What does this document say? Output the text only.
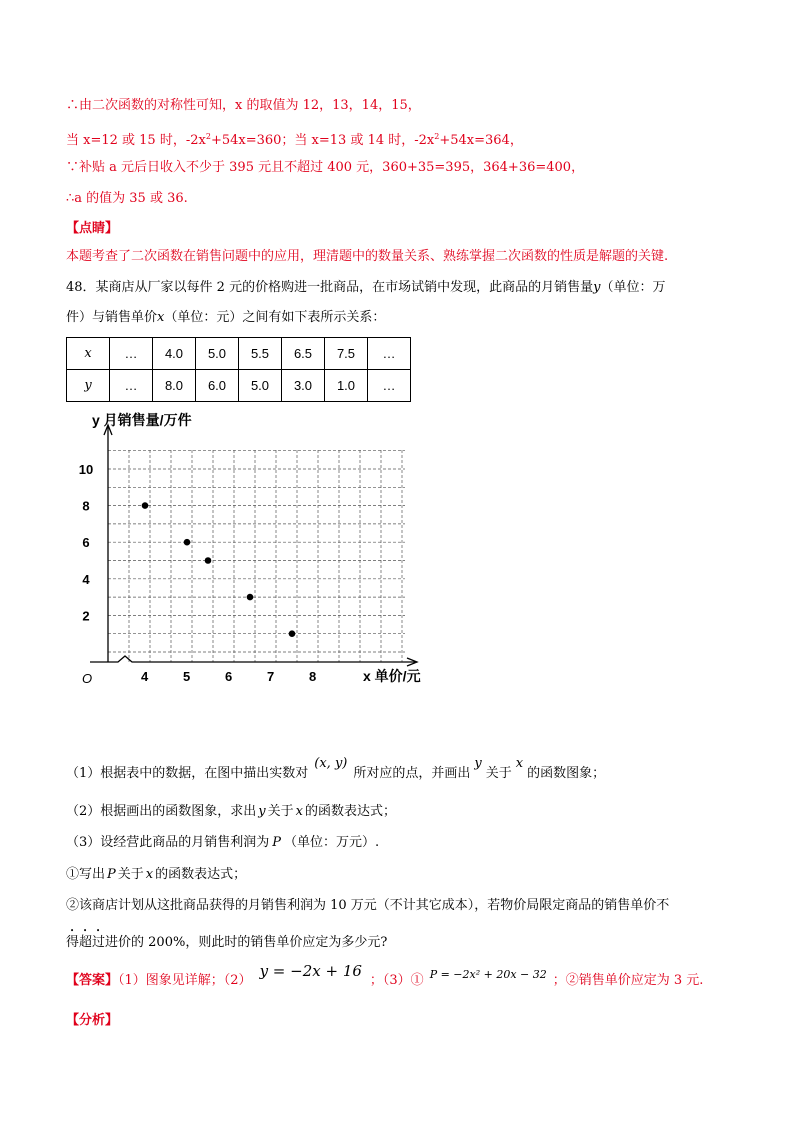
∴由二次函数的对称性可知，x 的取值为 12，13，14，15，
当 x=12 或 15 时，$-2x^2+54x=360$；当 x=13 或 14 时，$-2x^2+54x=364$，
∵补贴 a 元后日收入不少于 395 元且不超过 400 元，360+35=395，364+36=400，
∴a 的值为 35 或 36.
【点睛】
本题考查了二次函数在销售问题中的应用，理清题中的数量关系、熟练掌握二次函数的性质是解题的关键.
48．某商店从厂家以每件 2 元的价格购进一批商品，在市场试销中发现，此商品的月销售量y（单位：万
件）与销售单价x（单位：元）之间有如下表所示关系：
x	…	4.0	5.0	5.5	6.5	7.5	…
y	…	8.0	6.0	5.0	3.0	1.0	…
y 月销售量/万件
x 单价/元
O	4	5	6	7	8
2
4
6
8
10
（1）根据表中的数据，在图中描出实数对(x, y)所对应的点，并画出y关于x的函数图象；
（2）根据画出的函数图象，求出 y 关于 x 的函数表达式；
（3）设经营此商品的月销售利润为 P （单位：万元）.
①写出 P 关于 x 的函数表达式；
②该商店计划从这批商品获得的月销售利润为 10 万元（不计其它成本），若物价局限定商品的销售单价不
得超过进价的 200%，则此时的销售单价应定为多少元?
【答案】（1）图象见详解；（2）y = −2x + 16；（3）① $^{P = -2x^2 + 20x - 32}$ ；②销售单价应定为 3 元.
【分析】
